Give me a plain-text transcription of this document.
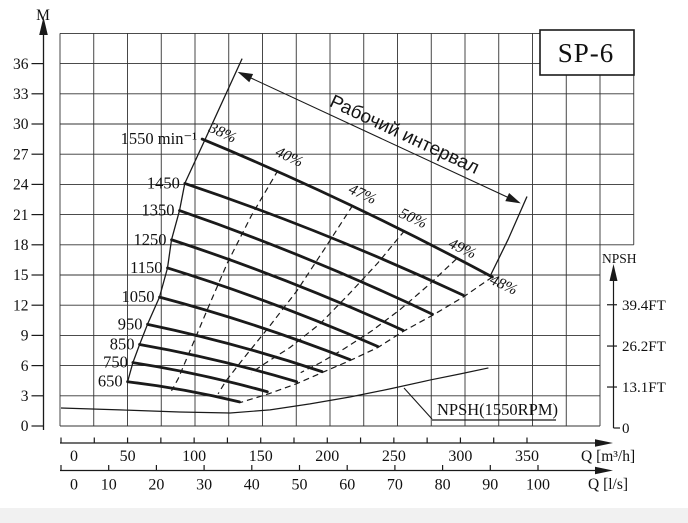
0
3
6
9
12
15
18
21
24
27
30
33
36
0	50	100	150	200	250	300	350
0 10 20 30 40 50 60 70 80 90 100
0
13.1FT
26.2FT
39.4FT
38%
40%
47%
50%
49%
48%
650
750
850
950
1050
1150
1250
1350
1450
1550 min⁻¹
SP-6
M
Рабочий интервал
Q [m³/h]
Q [l/s]
NPSH
NPSH(1550RPM)
